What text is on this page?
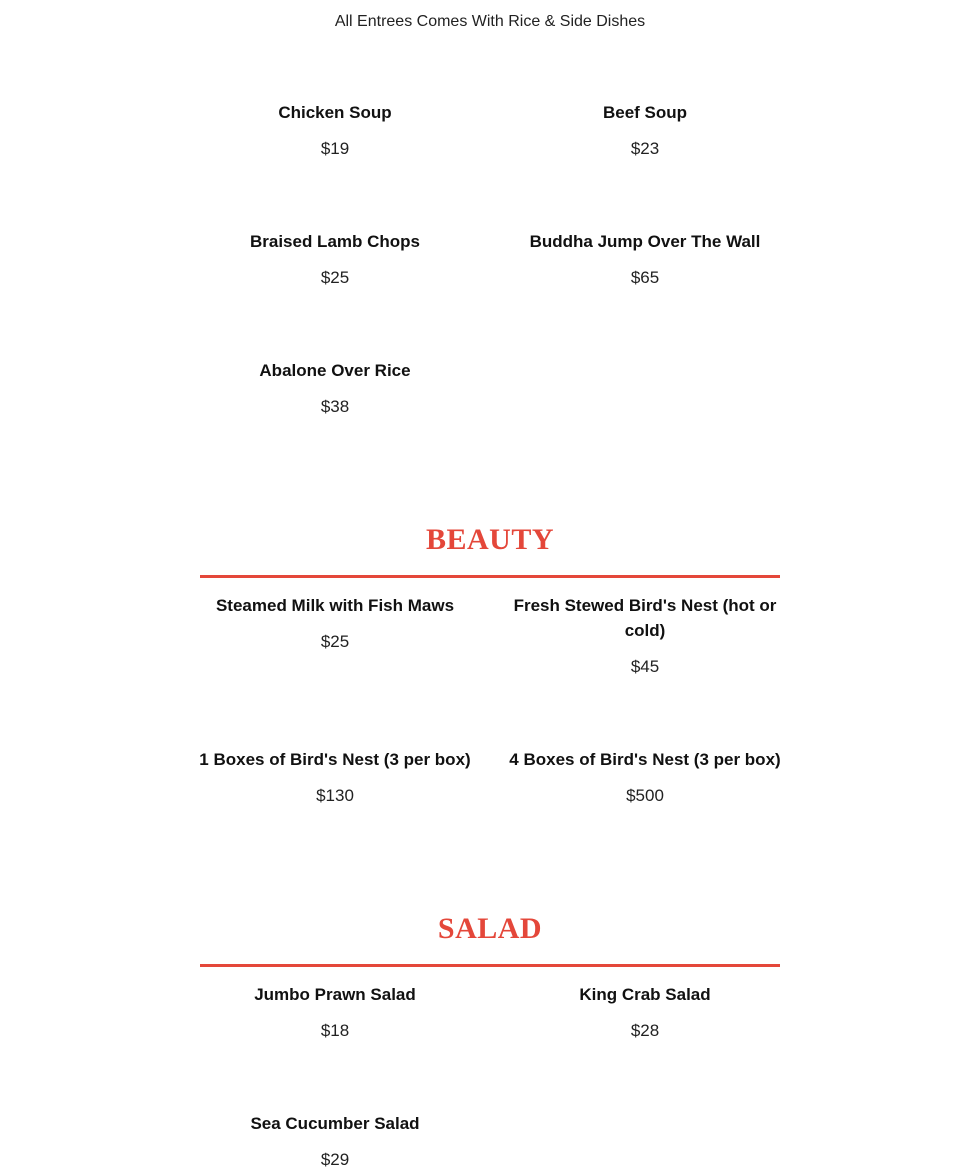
All Entrees Comes With Rice & Side Dishes
Chicken Soup
$19
Beef Soup
$23
Braised Lamb Chops
$25
Buddha Jump Over The Wall
$65
Abalone Over Rice
$38
BEAUTY
Steamed Milk with Fish Maws
$25
Fresh Stewed Bird's Nest (hot or cold)
$45
1 Boxes of Bird's Nest (3 per box)
$130
4 Boxes of Bird's Nest (3 per box)
$500
SALAD
Jumbo Prawn Salad
$18
King Crab Salad
$28
Sea Cucumber Salad
$29
